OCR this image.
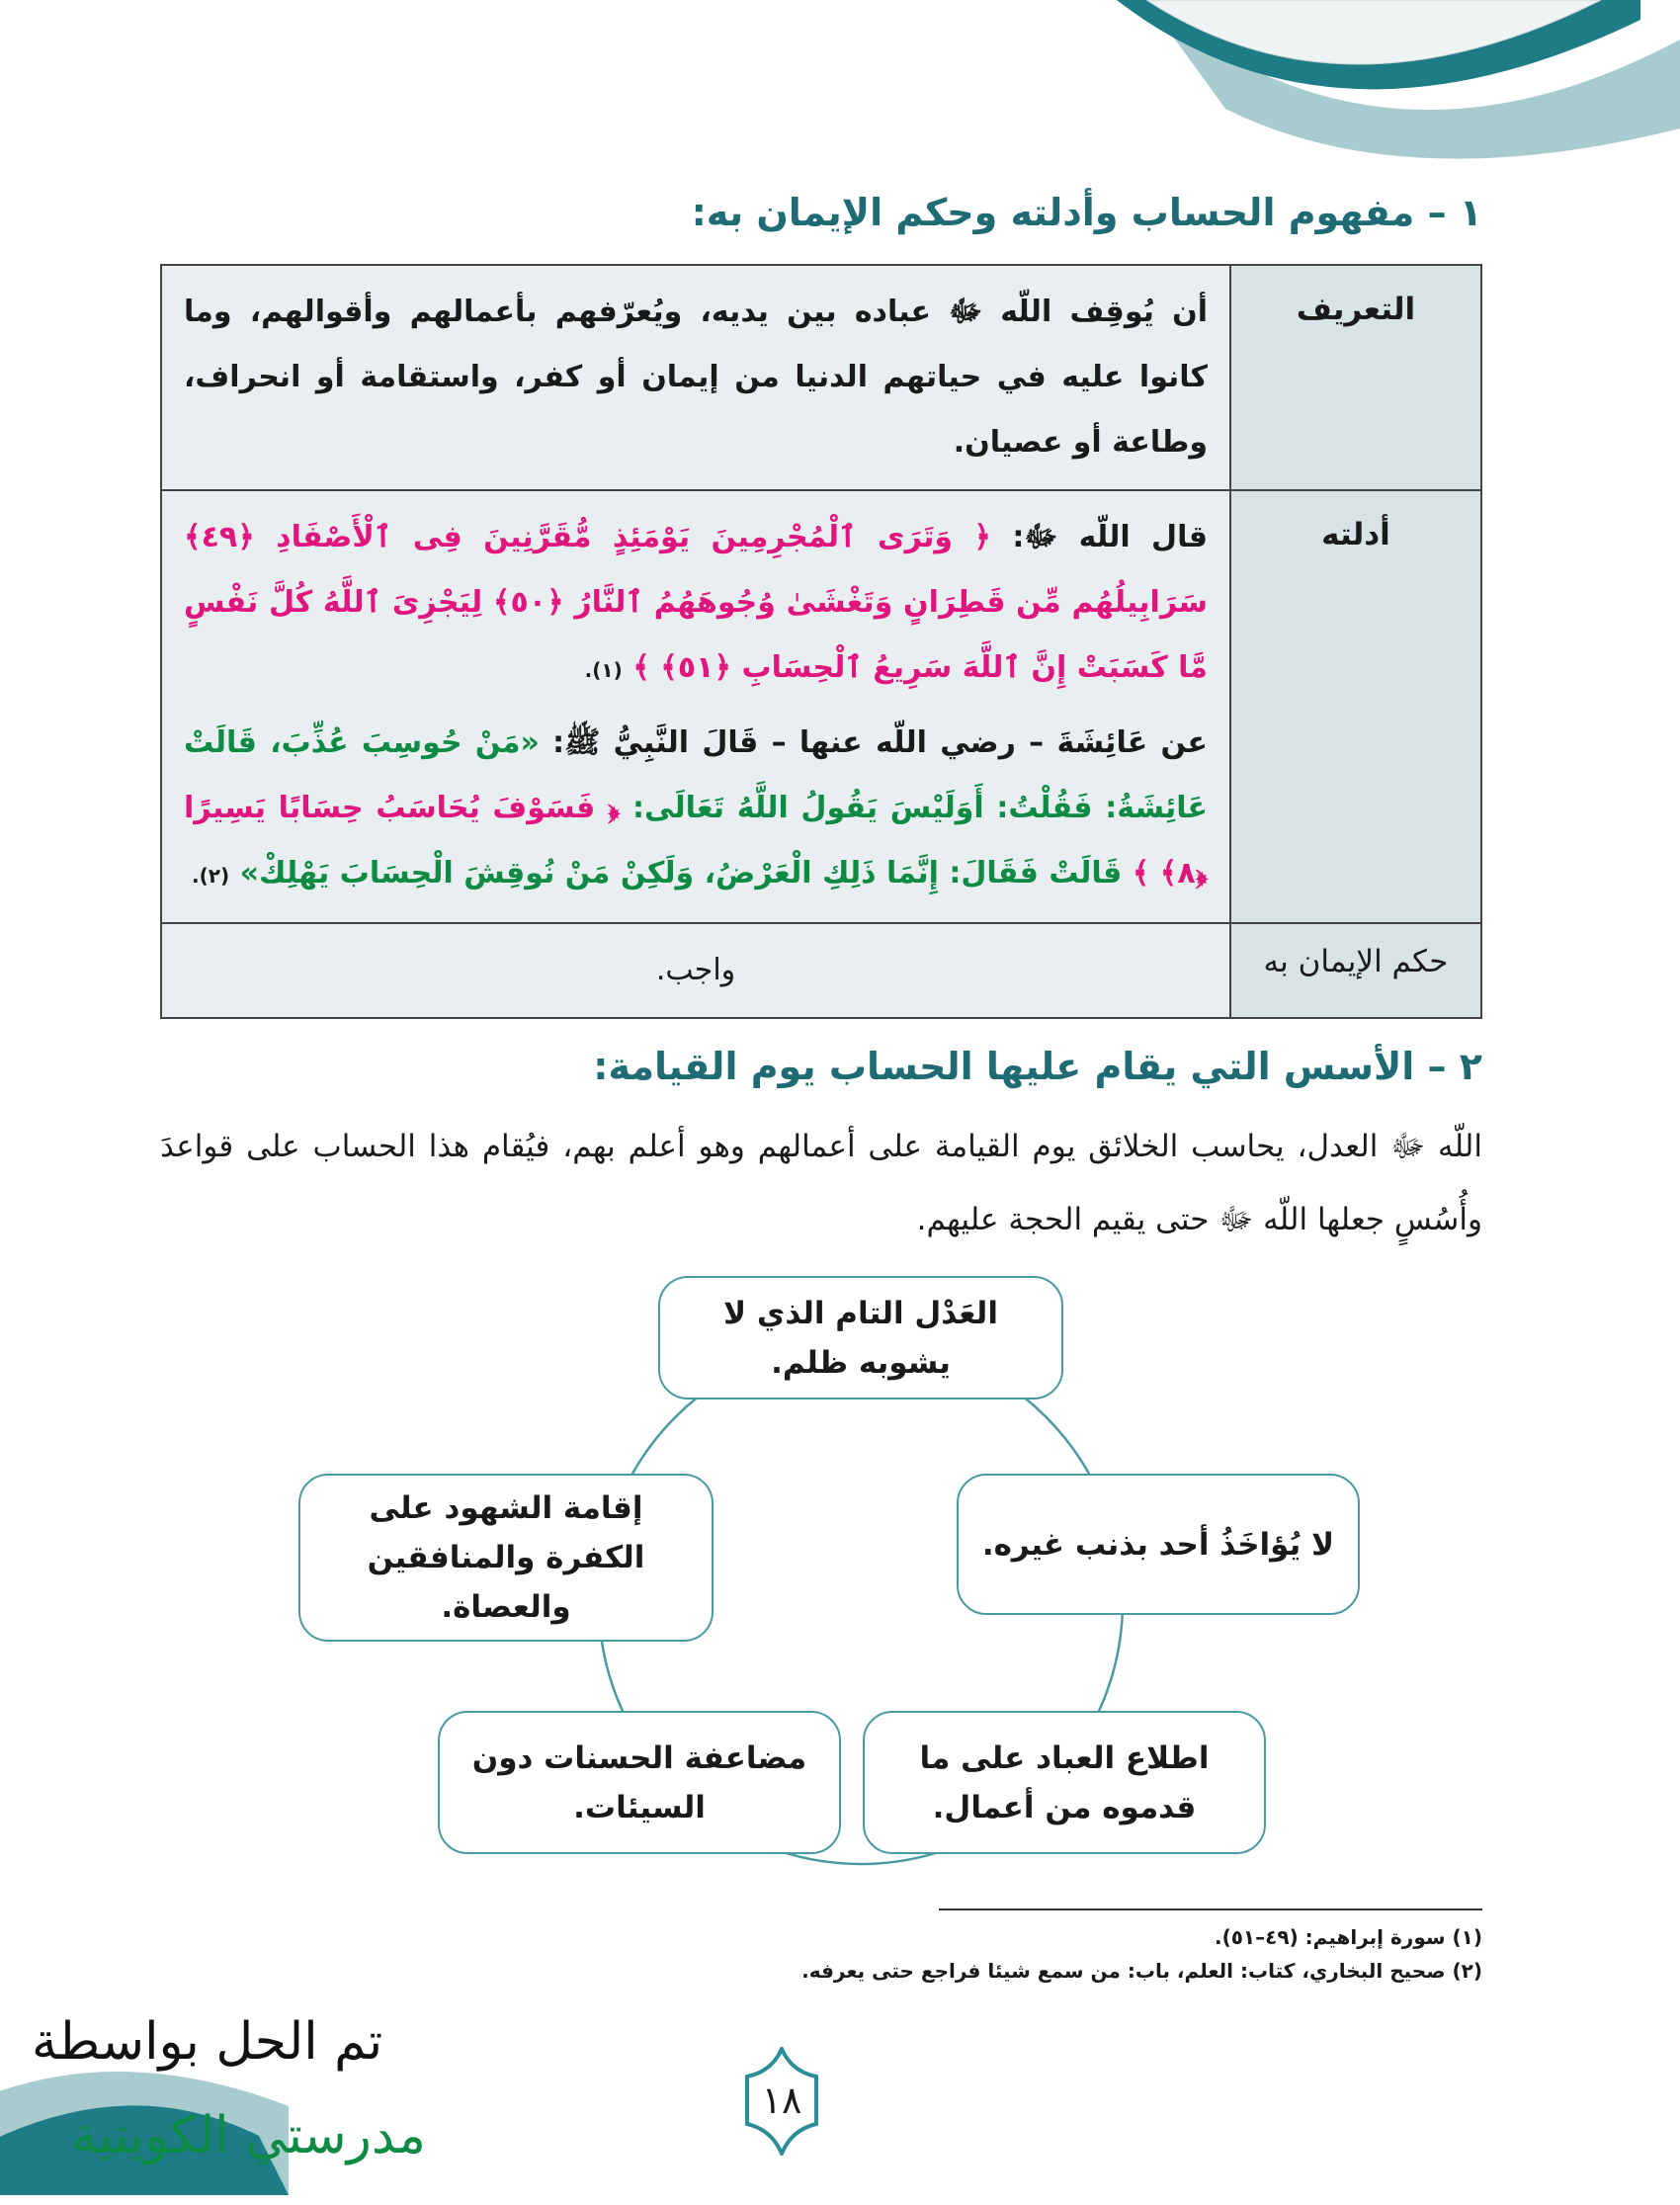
١ – مفهوم الحساب وأدلته وحكم الإيمان به:
التعريف	أن يُوقِف اللّه ﷻ عباده بين يديه، ويُعرّفهم بأعمالهم وأقوالهم، وما كانوا عليه في حياتهم الدنيا من إيمان أو كفر، واستقامة أو انحراف، وطاعة أو عصيان.
أدلته	قال اللّه ﷻ: ﴿ وَتَرَى ٱلْمُجْرِمِينَ يَوْمَئِذٍ مُّقَرَّنِينَ فِى ٱلْأَصْفَادِ ﴿٤٩﴾ سَرَابِيلُهُم مِّن قَطِرَانٍ وَتَغْشَىٰ وُجُوهَهُمُ ٱلنَّارُ ﴿٥٠﴾ لِيَجْزِىَ ٱللَّهُ كُلَّ نَفْسٍ مَّا كَسَبَتْ إِنَّ ٱللَّهَ سَرِيعُ ٱلْحِسَابِ ﴿٥١﴾ ﴾ (١).
عن عَائِشَةَ – رضي اللّه عنها – قَالَ النَّبِيُّ ﷺ: «مَنْ حُوسِبَ عُذِّبَ، قَالَتْ عَائِشَةُ: فَقُلْتُ: أَوَلَيْسَ يَقُولُ اللَّهُ تَعَالَى: ﴿ فَسَوْفَ يُحَاسَبُ حِسَابًا يَسِيرًا ﴿٨﴾ ﴾ قَالَتْ فَقَالَ: إِنَّمَا ذَلِكِ الْعَرْضُ، وَلَكِنْ مَنْ نُوقِشَ الْحِسَابَ يَهْلِكْ» (٢).

حكم الإيمان به	واجب.
٢ – الأسس التي يقام عليها الحساب يوم القيامة:
اللّه ﷻ العدل، يحاسب الخلائق يوم القيامة على أعمالهم وهو أعلم بهم، فيُقام هذا الحساب على قواعدَ وأُسُسٍ جعلها اللّه ﷻ حتى يقيم الحجة عليهم.
العَدْل التام الذي لا يشوبه ظلم.
لا يُؤاخَذُ أحد بذنب غيره.
إقامة الشهود على الكفرة والمنافقين والعصاة.
اطلاع العباد على ما قدموه من أعمال.
مضاعفة الحسنات دون السيئات.
(١) سورة إبراهيم: (٤٩–٥١).
(٢) صحيح البخاري، كتاب: العلم، باب: من سمع شيئا فراجع حتى يعرفه.
تم الحل بواسطة
مدرستي الكويتية
١٨
